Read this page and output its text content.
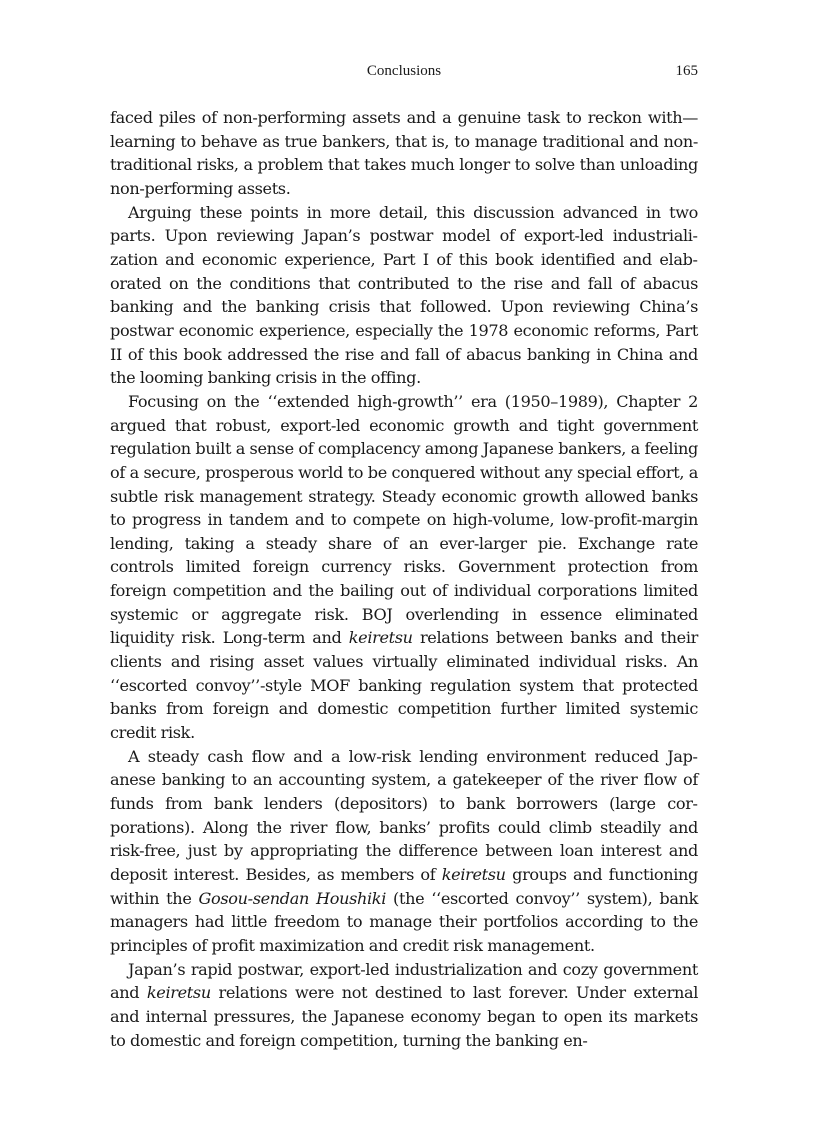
Conclusions	165

faced piles of non-performing assets and a genuine task to reckon with—learning to behave as true bankers, that is, to manage traditional and non-traditional risks, a problem that takes much longer to solve than unloading non-performing assets.

Arguing these points in more detail, this discussion advanced in two parts. Upon reviewing Japan’s postwar model of export-led industrialization and economic experience, Part I of this book identified and elaborated on the conditions that contributed to the rise and fall of abacus banking and the banking crisis that followed. Upon reviewing China’s postwar economic experience, especially the 1978 economic reforms, Part II of this book addressed the rise and fall of abacus banking in China and the looming banking crisis in the offing.

Focusing on the ‘‘extended high-growth’’ era (1950–1989), Chapter 2 argued that robust, export-led economic growth and tight government regulation built a sense of complacency among Japanese bankers, a feeling of a secure, prosperous world to be conquered without any special effort, a subtle risk management strategy. Steady economic growth allowed banks to progress in tandem and to compete on high-volume, low-profit-margin lending, taking a steady share of an ever-larger pie. Exchange rate controls limited foreign currency risks. Government protection from foreign competition and the bailing out of individual corporations limited systemic or aggregate risk. BOJ overlending in essence eliminated liquidity risk. Long-term and keiretsu relations between banks and their clients and rising asset values virtually eliminated individual risks. An ‘‘escorted convoy’’-style MOF banking regulation system that protected banks from foreign and domestic competition further limited systemic credit risk.

A steady cash flow and a low-risk lending environment reduced Japanese banking to an accounting system, a gatekeeper of the river flow of funds from bank lenders (depositors) to bank borrowers (large corporations). Along the river flow, banks’ profits could climb steadily and risk-free, just by appropriating the difference between loan interest and deposit interest. Besides, as members of keiretsu groups and functioning within the Gosou-sendan Houshiki (the ‘‘escorted convoy’’ system), bank managers had little freedom to manage their portfolios according to the principles of profit maximization and credit risk management.

Japan’s rapid postwar, export-led industrialization and cozy government and keiretsu relations were not destined to last forever. Under external and internal pressures, the Japanese economy began to open its markets to domestic and foreign competition, turning the banking en-
